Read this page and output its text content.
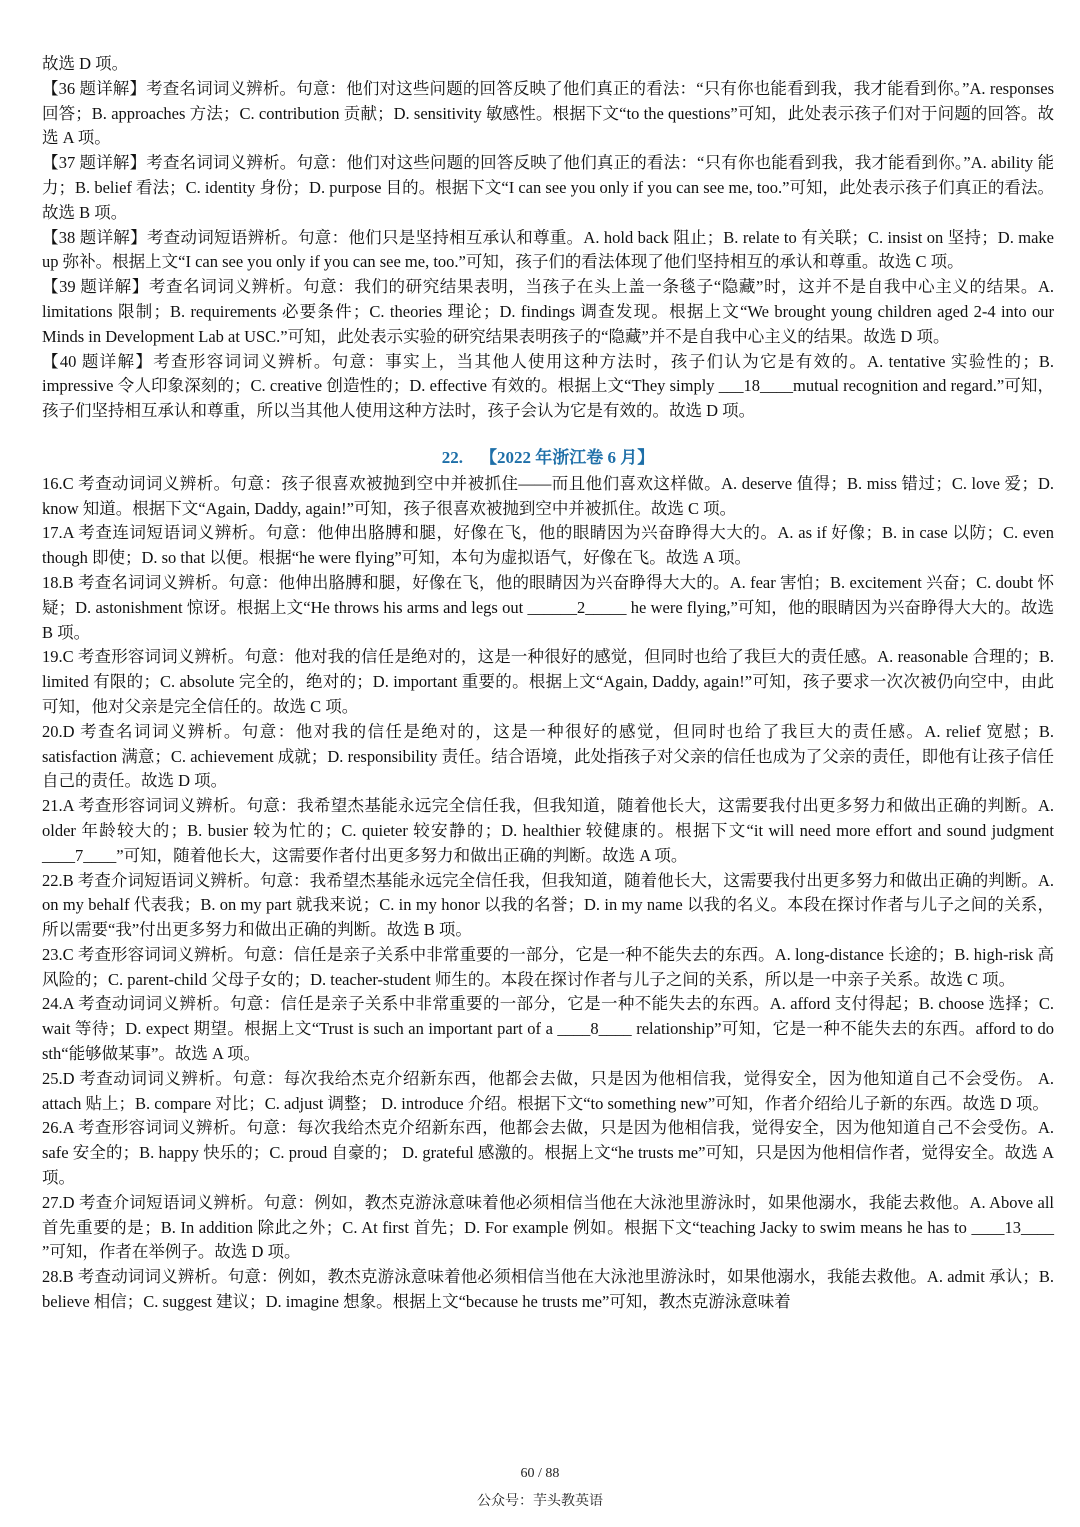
故选 D 项。

【36 题详解】考查名词词义辨析。句意：他们对这些问题的回答反映了他们真正的看法：“只有你也能看到我，我才能看到你。”A. responses 回答；B. approaches 方法；C. contribution 贡献；D. sensitivity 敏感性。根据下文“to the questions”可知，此处表示孩子们对于问题的回答。故选 A 项。

【37 题详解】考查名词词义辨析。句意：他们对这些问题的回答反映了他们真正的看法：“只有你也能看到我，我才能看到你。”A. ability 能力；B. belief 看法；C. identity 身份；D. purpose 目的。根据下文“I can see you only if you can see me, too.”可知，此处表示孩子们真正的看法。故选 B 项。

【38 题详解】考查动词短语辨析。句意：他们只是坚持相互承认和尊重。A. hold back 阻止；B. relate to 有关联；C. insist on 坚持；D. make up 弥补。根据上文“I can see you only if you can see me, too.”可知，孩子们的看法体现了他们坚持相互的承认和尊重。故选 C 项。

【39 题详解】考查名词词义辨析。句意：我们的研究结果表明，当孩子在头上盖一条毯子“隐藏”时，这并不是自我中心主义的结果。A. limitations 限制；B. requirements 必要条件；C. theories 理论；D. findings 调查发现。根据上文“We brought young children aged 2-4 into our Minds in Development Lab at USC.”可知，此处表示实验的研究结果表明孩子的“隐藏”并不是自我中心主义的结果。故选 D 项。

【40 题详解】考查形容词词义辨析。句意：事实上，当其他人使用这种方法时，孩子们认为它是有效的。A. tentative 实验性的；B. impressive 令人印象深刻的；C. creative 创造性的；D. effective 有效的。根据上文“They simply ___18____mutual recognition and regard.”可知，孩子们坚持相互承认和尊重，所以当其他人使用这种方法时，孩子会认为它是有效的。故选 D 项。

22. 【2022 年浙江卷 6 月】

16.C 考查动词词义辨析。句意：孩子很喜欢被抛到空中并被抓住——而且他们喜欢这样做。A. deserve 值得；B. miss 错过；C. love 爱；D. know 知道。根据下文“Again, Daddy, again!”可知，孩子很喜欢被抛到空中并被抓住。故选 C 项。

17.A 考查连词短语词义辨析。句意：他伸出胳膊和腿，好像在飞，他的眼睛因为兴奋睁得大大的。A. as if 好像；B. in case 以防；C. even though 即使；D. so that 以便。根据“he were flying”可知，本句为虚拟语气，好像在飞。故选 A 项。

18.B 考查名词词义辨析。句意：他伸出胳膊和腿，好像在飞，他的眼睛因为兴奋睁得大大的。A. fear 害怕；B. excitement 兴奋；C. doubt 怀疑；D. astonishment 惊讶。根据上文“He throws his arms and legs out ______2_____ he were flying,”可知，他的眼睛因为兴奋睁得大大的。故选 B 项。

19.C 考查形容词词义辨析。句意：他对我的信任是绝对的，这是一种很好的感觉，但同时也给了我巨大的责任感。A. reasonable 合理的；B. limited 有限的；C. absolute 完全的，绝对的；D. important 重要的。根据上文“Again, Daddy, again!”可知，孩子要求一次次被仍向空中，由此可知，他对父亲是完全信任的。故选 C 项。

20.D 考查名词词义辨析。句意：他对我的信任是绝对的，这是一种很好的感觉，但同时也给了我巨大的责任感。A. relief 宽慰；B. satisfaction 满意；C. achievement 成就；D. responsibility 责任。结合语境，此处指孩子对父亲的信任也成为了父亲的责任，即他有让孩子信任自己的责任。故选 D 项。

21.A 考查形容词词义辨析。句意：我希望杰基能永远完全信任我，但我知道，随着他长大，这需要我付出更多努力和做出正确的判断。A. older 年龄较大的；B. busier 较为忙的；C. quieter 较安静的；D. healthier 较健康的。根据下文“it will need more effort and sound judgment ____7____”可知，随着他长大，这需要作者付出更多努力和做出正确的判断。故选 A 项。

22.B 考查介词短语词义辨析。句意：我希望杰基能永远完全信任我，但我知道，随着他长大，这需要我付出更多努力和做出正确的判断。A. on my behalf 代表我；B. on my part 就我来说；C. in my honor 以我的名誉；D. in my name 以我的名义。本段在探讨作者与儿子之间的关系，所以需要“我”付出更多努力和做出正确的判断。故选 B 项。

23.C 考查形容词词义辨析。句意：信任是亲子关系中非常重要的一部分，它是一种不能失去的东西。A. long-distance 长途的；B. high-risk 高风险的；C. parent-child 父母子女的；D. teacher-student 师生的。本段在探讨作者与儿子之间的关系，所以是一中亲子关系。故选 C 项。

24.A 考查动词词义辨析。句意：信任是亲子关系中非常重要的一部分，它是一种不能失去的东西。A. afford 支付得起；B. choose 选择；C. wait 等待；D. expect 期望。根据上文“Trust is such an important part of a ____8____ relationship”可知，它是一种不能失去的东西。afford to do sth“能够做某事”。故选 A 项。

25.D 考查动词词义辨析。句意：每次我给杰克介绍新东西，他都会去做，只是因为他相信我，觉得安全，因为他知道自己不会受伤。 A. attach 贴上；B. compare 对比；C. adjust 调整； D. introduce 介绍。根据下文“to something new”可知，作者介绍给儿子新的东西。故选 D 项。

26.A 考查形容词词义辨析。句意：每次我给杰克介绍新东西，他都会去做，只是因为他相信我，觉得安全，因为他知道自己不会受伤。A. safe 安全的；B. happy 快乐的；C. proud 自豪的； D. grateful 感激的。根据上文“he trusts me”可知，只是因为他相信作者，觉得安全。故选 A 项。

27.D 考查介词短语词义辨析。句意：例如，教杰克游泳意味着他必须相信当他在大泳池里游泳时，如果他溺水，我能去救他。A. Above all 首先重要的是；B. In addition 除此之外；C. At first 首先；D. For example 例如。根据下文“teaching Jacky to swim means he has to ____13____ ”可知，作者在举例子。故选 D 项。

28.B 考查动词词义辨析。句意：例如，教杰克游泳意味着他必须相信当他在大泳池里游泳时，如果他溺水，我能去救他。A. admit 承认；B. believe 相信；C. suggest 建议；D. imagine 想象。根据上文“because he trusts me”可知，教杰克游泳意味着

60 / 88
公众号：芋头教英语
